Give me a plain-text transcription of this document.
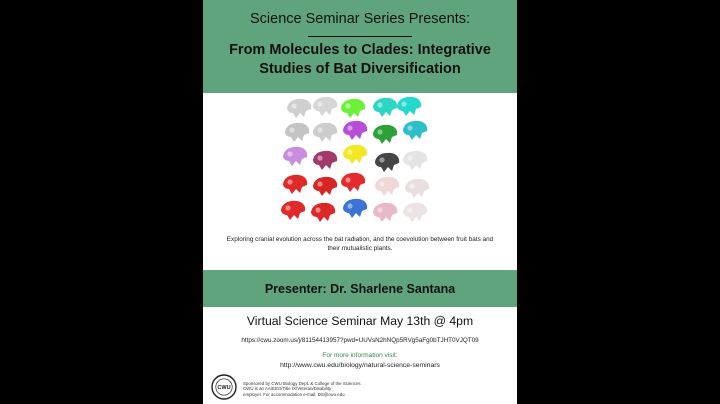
Science Seminar Series Presents:
From Molecules to Clades: Integrative
Studies of Bat Diversification
Exploring cranial evolution across the bat radiation, and the coevolution between fruit bats and their mutualistic plants.
Presenter: Dr. Sharlene Santana
Virtual Science Seminar May 13th @ 4pm
https://cwu.zoom.us/j/81154413957?pwd=UUVsN2hNQp5RVg5aFg0bTJHT0VJQT09
For more information visit:
http://www.cwu.edu/biology/natural-science-seminars
CWU
Sponsored by CWU Biology Dept. & College of the Sciences
CWU is an AA/EEO/Title IX/Veteran/Disability
employer. For accommodation e-mail: DS@cwu.edu
